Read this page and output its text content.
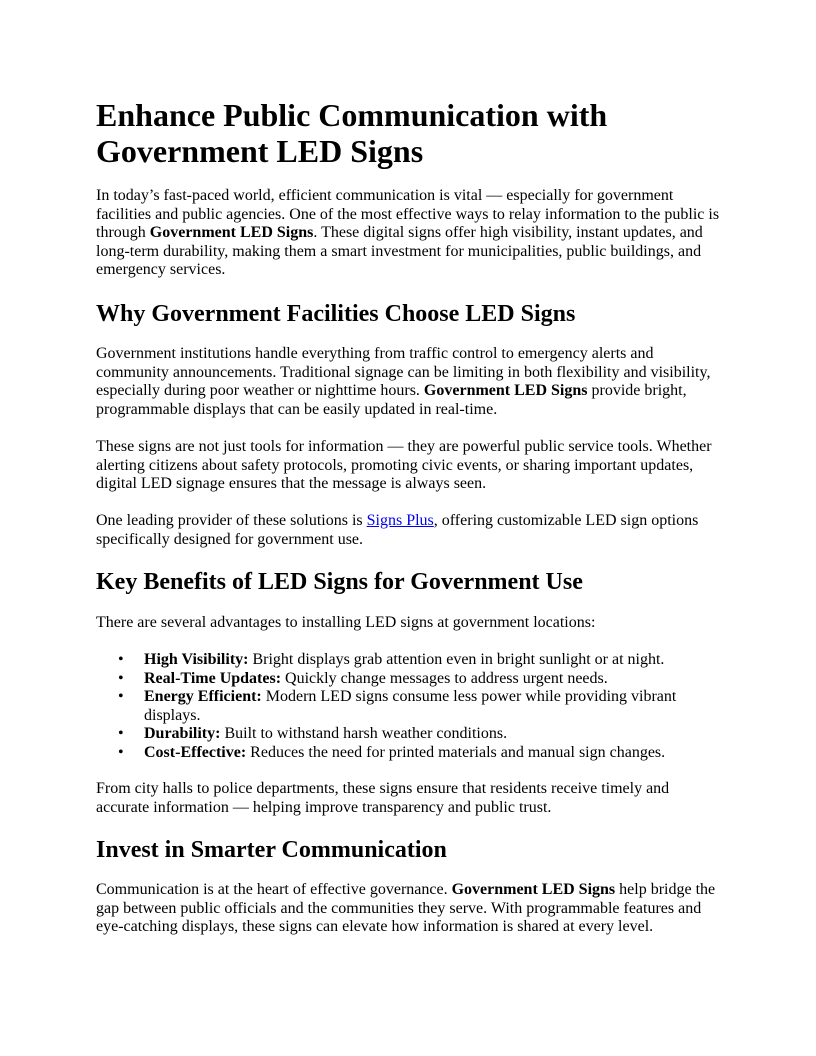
Enhance Public Communication with Government LED Signs

In today’s fast-paced world, efficient communication is vital — especially for government facilities and public agencies. One of the most effective ways to relay information to the public is through Government LED Signs. These digital signs offer high visibility, instant updates, and long-term durability, making them a smart investment for municipalities, public buildings, and emergency services.

Why Government Facilities Choose LED Signs

Government institutions handle everything from traffic control to emergency alerts and community announcements. Traditional signage can be limiting in both flexibility and visibility, especially during poor weather or nighttime hours. Government LED Signs provide bright, programmable displays that can be easily updated in real-time.

These signs are not just tools for information — they are powerful public service tools. Whether alerting citizens about safety protocols, promoting civic events, or sharing important updates, digital LED signage ensures that the message is always seen.

One leading provider of these solutions is Signs Plus, offering customizable LED sign options specifically designed for government use.

Key Benefits of LED Signs for Government Use

There are several advantages to installing LED signs at government locations:

• High Visibility: Bright displays grab attention even in bright sunlight or at night.
• Real-Time Updates: Quickly change messages to address urgent needs.
• Energy Efficient: Modern LED signs consume less power while providing vibrant displays.
• Durability: Built to withstand harsh weather conditions.
• Cost-Effective: Reduces the need for printed materials and manual sign changes.

From city halls to police departments, these signs ensure that residents receive timely and accurate information — helping improve transparency and public trust.

Invest in Smarter Communication

Communication is at the heart of effective governance. Government LED Signs help bridge the gap between public officials and the communities they serve. With programmable features and eye-catching displays, these signs can elevate how information is shared at every level.
